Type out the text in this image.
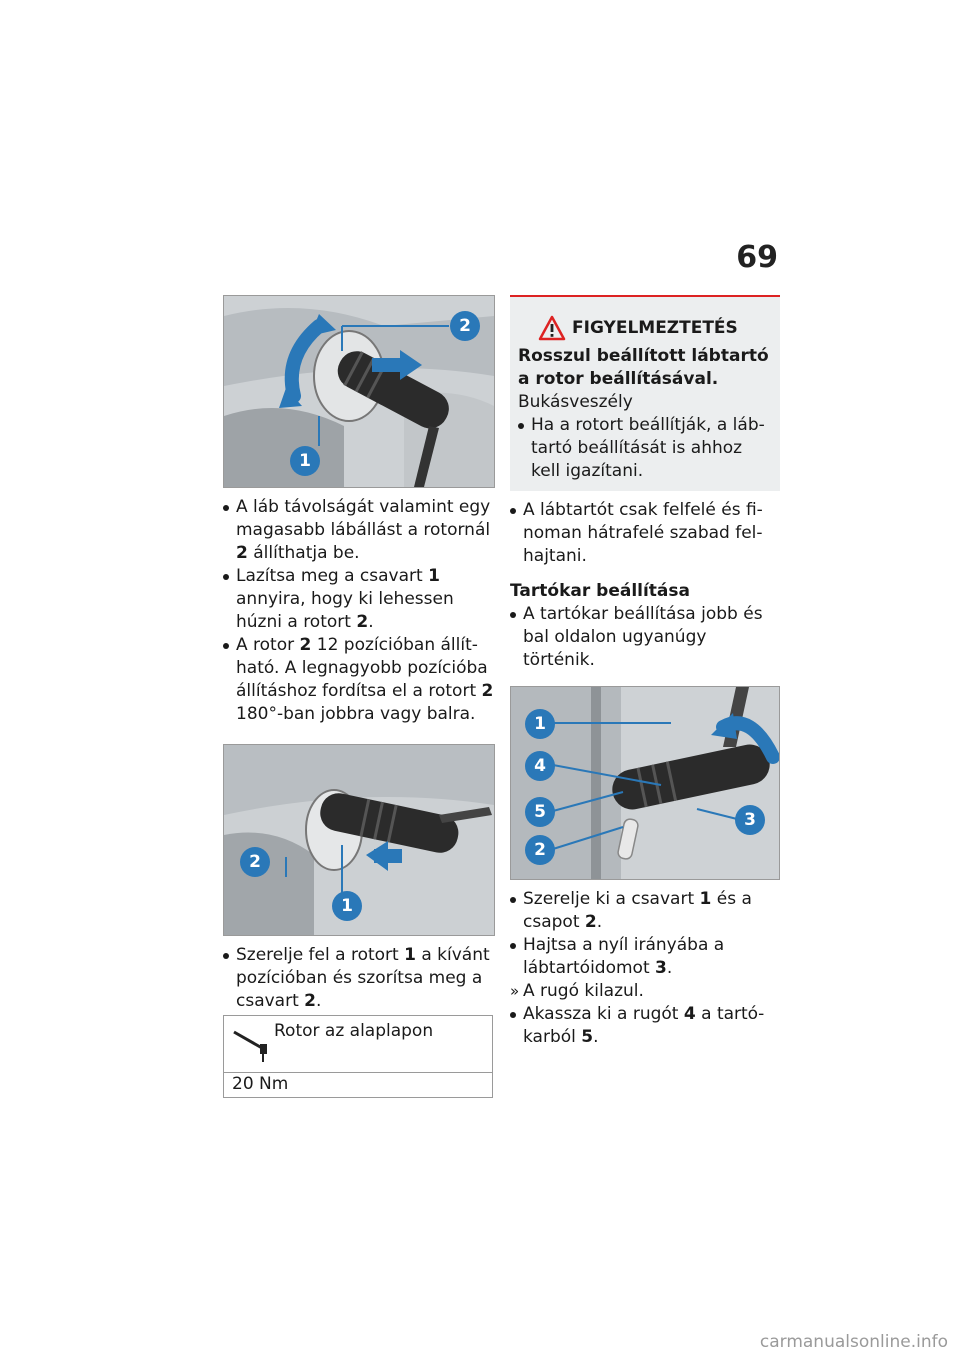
69
2
1
A láb távolságát valamint egy magasabb lábállást a rotornál 2 állíthatja be.
Lazítsa meg a csavart 1 annyira, hogy ki lehessen húzni a rotort 2.
A rotor 2 12 pozícióban állítható. A legnagyobb pozícióba állításhoz fordítsa el a rotort 2 180°-ban jobbra vagy balra.
2
1
Szerelje fel a rotort 1 a kívánt pozícióban és szorítsa meg a csavart 2.
Rotor az alaplapon
20 Nm
FIGYELMEZTETÉS
Rosszul beállított lábtartó a rotor beállításával.
Bukásveszély
Ha a rotort beállítják, a lábtartó beállítását is ahhoz kell igazítani.
A lábtartót csak felfelé és finoman hátrafelé szabad felhajtani.
Tartókar beállítása
A tartókar beállítása jobb és bal oldalon ugyanúgy történik.
1
4
5
2
3
Szerelje ki a csavart 1 és a csapot 2.
Hajtsa a nyíl irányába a lábtartóidomot 3.
» A rugó kilazul.
Akassza ki a rugót 4 a tartókarból 5.
carmanualsonline.info
